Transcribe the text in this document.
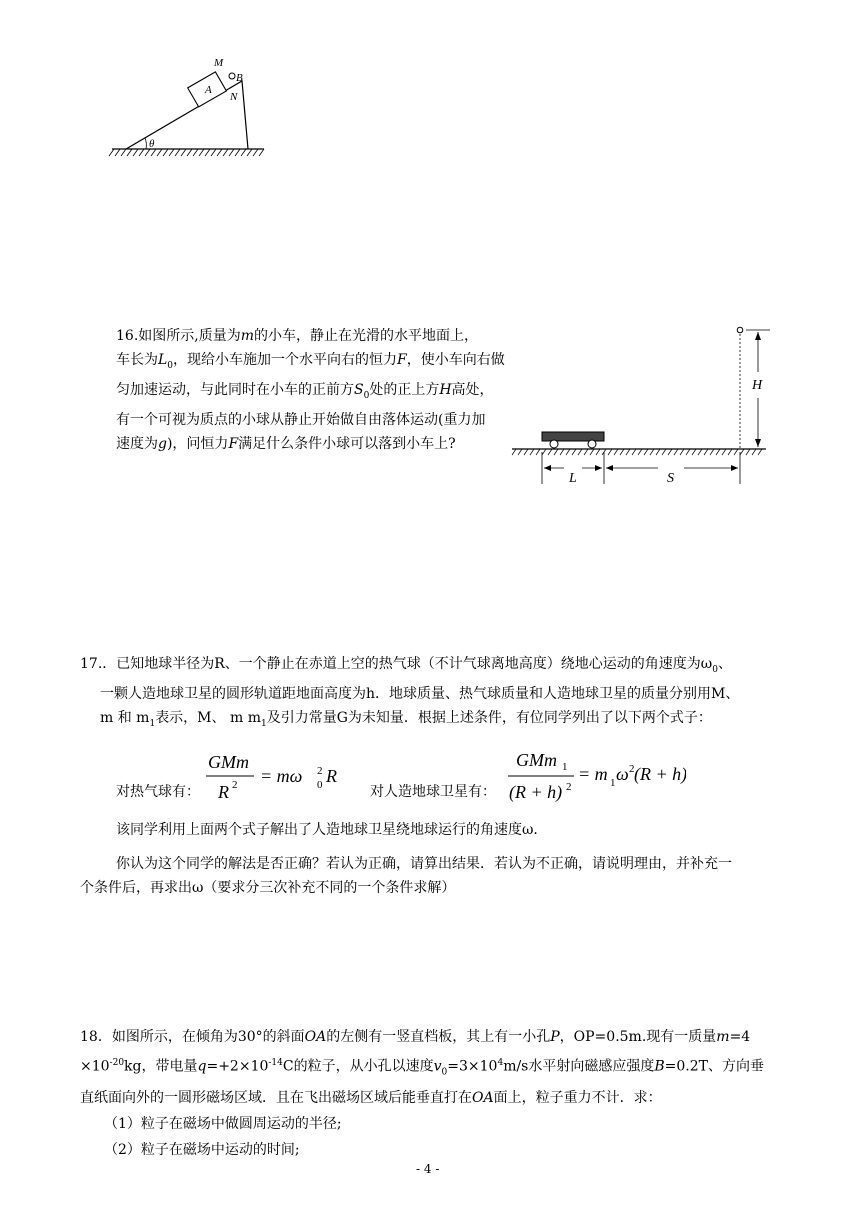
θ
A
M
B
N
16.如图所示,质量为m的小车，静止在光滑的水平地面上，
车长为$L_0$，现给小车施加一个水平向右的恒力F，使小车向右做
匀加速运动，与此同时在小车的正前方$S_0$处的正上方H高处，
有一个可视为质点的小球从静止开始做自由落体运动(重力加
速度为g)，问恒力F满足什么条件小球可以落到小车上?
H
L	S
17.．已知地球半径为R、一个静止在赤道上空的热气球（不计气球离地高度）绕地心运动的角速度为$\omega_0$、
一颗人造地球卫星的圆形轨道距地面高度为h．地球质量、热气球质量和人造地球卫星的质量分别用M、
m 和 $m_1$表示，M、 m $m_1$及引力常量G为未知量．根据上述条件，有位同学列出了以下两个式子：
对热气球有：
GMm
R 2 = mω 0
2 R
对人造地球卫星有：
GMm 1
(R + h) 2
= m 1 ω 2 (R + h)
该同学利用上面两个式子解出了人造地球卫星绕地球运行的角速度ω．
你认为这个同学的解法是否正确？若认为正确，请算出结果．若认为不正确，请说明理由，并补充一
个条件后，再求出ω（要求分三次补充不同的一个条件求解）
18．如图所示，在倾角为30°的斜面OA的左侧有一竖直档板，其上有一小孔P，OP=0.5m.现有一质量m=4
$\times 10^{-20}kg$，带电量$q=+2\times 10^{-14}C$的粒子，从小孔以速度$v_0=3\times 10^4m/s$水平射向磁感应强度B=0.2T、方向垂
直纸面向外的一圆形磁场区域．且在飞出磁场区域后能垂直打在OA面上，粒子重力不计．求：
（1）粒子在磁场中做圆周运动的半径;
（2）粒子在磁场中运动的时间;
- 4 -
